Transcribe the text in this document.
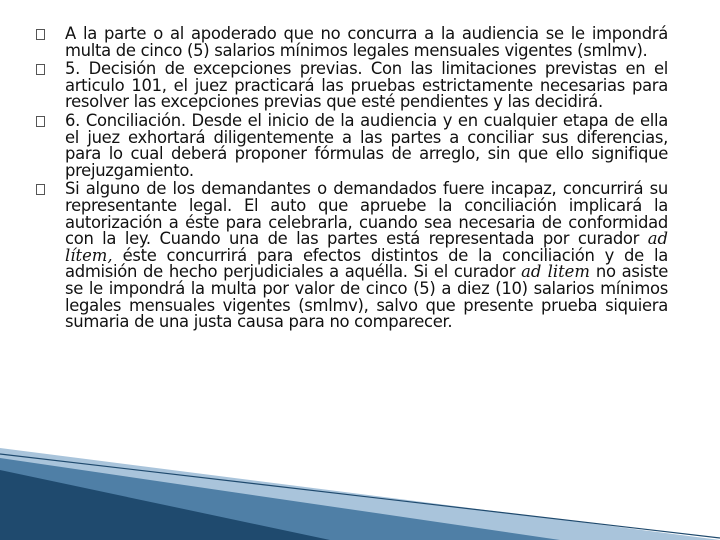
A la parte o al apoderado que no concurra a la audiencia se le impondrá multa de cinco (5) salarios mínimos legales mensuales vigentes (smlmv).

5. Decisión de excepciones previas. Con las limitaciones previstas en el articulo 101, el juez practicará las pruebas estrictamente necesarias para resolver las excepciones previas que esté pendientes y las decidirá.

6. Conciliación. Desde el inicio de la audiencia y en cualquier etapa de ella el juez exhortará diligentemente a las partes a conciliar sus diferencias, para lo cual deberá proponer fórmulas de arreglo, sin que ello signifique prejuzgamiento.

Si alguno de los demandantes o demandados fuere incapaz, concurrirá su representante legal. El auto que apruebe la conciliación implicará la autorización a éste para celebrarla, cuando sea necesaria de conformidad con la ley. Cuando una de las partes está representada por curador ad lítem, éste concurrirá para efectos distintos de la conciliación y de la admisión de hecho perjudiciales a aquélla. Si el curador ad litem no asiste se le impondrá la multa por valor de cinco (5) a diez (10) salarios mínimos legales mensuales vigentes (smlmv), salvo que presente prueba siquiera sumaria de una justa causa para no comparecer.
